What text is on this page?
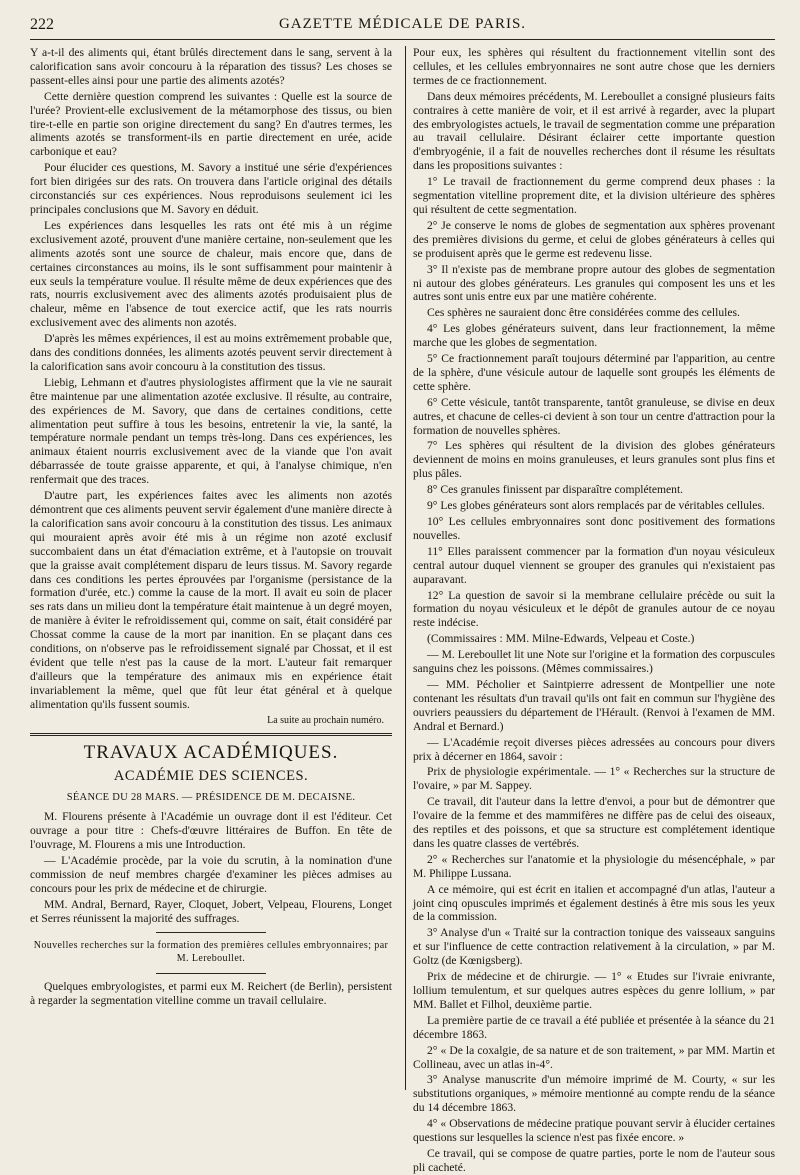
222	GAZETTE MÉDICALE DE PARIS.

Y a-t-il des aliments qui, étant brûlés directement dans le sang, servent à la calorification sans avoir concouru à la réparation des tissus? Les choses se passent-elles ainsi pour une partie des aliments azotés?

Cette dernière question comprend les suivantes : Quelle est la source de l'urée? Provient-elle exclusivement de la métamorphose des tissus, ou bien tire-t-elle en partie son origine directement du sang? En d'autres termes, les aliments azotés se transforment-ils en partie directement en urée, acide carbonique et eau?

Pour élucider ces questions, M. Savory a institué une série d'expériences fort bien dirigées sur des rats. On trouvera dans l'article original des détails circonstanciés sur ces expériences. Nous reproduisons seulement ici les principales conclusions que M. Savory en déduit.

Les expériences dans lesquelles les rats ont été mis à un régime exclusivement azoté, prouvent d'une manière certaine, non-seulement que les aliments azotés sont une source de chaleur, mais encore que, dans de certaines circonstances au moins, ils le sont suffisamment pour maintenir à eux seuls la température voulue. Il résulte même de deux expériences que des rats, nourris exclusivement avec des aliments azotés produisaient plus de chaleur, même en l'absence de tout exercice actif, que les rats nourris exclusivement avec des aliments non azotés.

D'après les mêmes expériences, il est au moins extrêmement probable que, dans des conditions données, les aliments azotés peuvent servir directement à la calorification sans avoir concouru à la constitution des tissus.

Liebig, Lehmann et d'autres physiologistes affirment que la vie ne saurait être maintenue par une alimentation azotée exclusive. Il résulte, au contraire, des expériences de M. Savory, que dans de certaines conditions, cette alimentation peut suffire à tous les besoins, entretenir la vie, la santé, la température normale pendant un temps très-long. Dans ces expériences, les animaux étaient nourris exclusivement avec de la viande que l'on avait débarrassée de toute graisse apparente, et qui, à l'analyse chimique, n'en renfermait que des traces.

D'autre part, les expériences faites avec les aliments non azotés démontrent que ces aliments peuvent servir également d'une manière directe à la calorification sans avoir concouru à la constitution des tissus. Les animaux qui mouraient après avoir été mis à un régime non azoté exclusif succombaient dans un état d'émaciation extrême, et à l'autopsie on trouvait que la graisse avait complétement disparu de leurs tissus. M. Savory regarde dans ces conditions les pertes éprouvées par l'organisme (persistance de la formation d'urée, etc.) comme la cause de la mort. Il avait eu soin de placer ses rats dans un milieu dont la température était maintenue à un degré moyen, de manière à éviter le refroidissement qui, comme on sait, était considéré par Chossat comme la cause de la mort par inanition. En se plaçant dans ces conditions, on n'observe pas le refroidissement signalé par Chossat, et il est évident que telle n'est pas la cause de la mort. L'auteur fait remarquer d'ailleurs que la température des animaux mis en expérience était invariablement la même, quel que fût leur état général et à quelque alimentation qu'ils fussent soumis.

La suite au prochain numéro.
TRAVAUX ACADÉMIQUES.
ACADÉMIE DES SCIENCES.
SÉANCE DU 28 MARS. — PRÉSIDENCE DE M. DECAISNE.

M. Flourens présente à l'Académie un ouvrage dont il est l'éditeur. Cet ouvrage a pour titre : Chefs-d'œuvre littéraires de Buffon. En tête de l'ouvrage, M. Flourens a mis une Introduction.

— L'Académie procède, par la voie du scrutin, à la nomination d'une commission de neuf membres chargée d'examiner les pièces admises au concours pour les prix de médecine et de chirurgie.

MM. Andral, Bernard, Rayer, Cloquet, Jobert, Velpeau, Flourens, Longet et Serres réunissent la majorité des suffrages.

Nouvelles recherches sur la formation des premières cellules embryonnaires; par M. Lereboullet.

Quelques embryologistes, et parmi eux M. Reichert (de Berlin), persistent à regarder la segmentation vitelline comme un travail cellulaire.

Pour eux, les sphères qui résultent du fractionnement vitellin sont des cellules, et les cellules embryonnaires ne sont autre chose que les derniers termes de ce fractionnement.

Dans deux mémoires précédents, M. Lereboullet a consigné plusieurs faits contraires à cette manière de voir, et il est arrivé à regarder, avec la plupart des embryologistes actuels, le travail de segmentation comme une préparation au travail cellulaire. Désirant éclairer cette importante question d'embryogénie, il a fait de nouvelles recherches dont il résume les résultats dans les propositions suivantes :

1° Le travail de fractionnement du germe comprend deux phases : la segmentation vitelline proprement dite, et la division ultérieure des sphères qui résultent de cette segmentation.

2° Je conserve le noms de globes de segmentation aux sphères provenant des premières divisions du germe, et celui de globes générateurs à celles qui se produisent après que le germe est redevenu lisse.

3° Il n'existe pas de membrane propre autour des globes de segmentation ni autour des globes générateurs. Les granules qui composent les uns et les autres sont unis entre eux par une matière cohérente.

Ces sphères ne sauraient donc être considérées comme des cellules.

4° Les globes générateurs suivent, dans leur fractionnement, la même marche que les globes de segmentation.

5° Ce fractionnement paraît toujours déterminé par l'apparition, au centre de la sphère, d'une vésicule autour de laquelle sont groupés les éléments de cette sphère.

6° Cette vésicule, tantôt transparente, tantôt granuleuse, se divise en deux autres, et chacune de celles-ci devient à son tour un centre d'attraction pour la formation de nouvelles sphères.

7° Les sphères qui résultent de la division des globes générateurs deviennent de moins en moins granuleuses, et leurs granules sont plus fins et plus pâles.

8° Ces granules finissent par disparaître complétement.

9° Les globes générateurs sont alors remplacés par de véritables cellules.

10° Les cellules embryonnaires sont donc positivement des formations nouvelles.

11° Elles paraissent commencer par la formation d'un noyau vésiculeux central autour duquel viennent se grouper des granules qui n'existaient pas auparavant.

12° La question de savoir si la membrane cellulaire précède ou suit la formation du noyau vésiculeux et le dépôt de granules autour de ce noyau reste indécise.

(Commissaires : MM. Milne-Edwards, Velpeau et Coste.)

— M. Lereboullet lit une Note sur l'origine et la formation des corpuscules sanguins chez les poissons. (Mêmes commissaires.)

— MM. Pécholier et Saintpierre adressent de Montpellier une note contenant les résultats d'un travail qu'ils ont fait en commun sur l'hygiène des ouvriers peaussiers du département de l'Hérault. (Renvoi à l'examen de MM. Andral et Bernard.)

— L'Académie reçoit diverses pièces adressées au concours pour divers prix à décerner en 1864, savoir :

Prix de physiologie expérimentale. — 1° « Recherches sur la structure de l'ovaire, » par M. Sappey.

Ce travail, dit l'auteur dans la lettre d'envoi, a pour but de démontrer que l'ovaire de la femme et des mammifères ne diffère pas de celui des oiseaux, des reptiles et des poissons, et que sa structure est complétement identique dans les quatre classes de vertébrés.

2° « Recherches sur l'anatomie et la physiologie du mésencéphale, » par M. Philippe Lussana.

A ce mémoire, qui est écrit en italien et accompagné d'un atlas, l'auteur a joint cinq opuscules imprimés et également destinés à être mis sous les yeux de la commission.

3° Analyse d'un « Traité sur la contraction tonique des vaisseaux sanguins et sur l'influence de cette contraction relativement à la circulation, » par M. Goltz (de Kœnigsberg).

Prix de médecine et de chirurgie. — 1° « Etudes sur l'ivraie enivrante, lollium temulentum, et sur quelques autres espèces du genre lollium, » par MM. Ballet et Filhol, deuxième partie.

La première partie de ce travail a été publiée et présentée à la séance du 21 décembre 1863.

2° « De la coxalgie, de sa nature et de son traitement, » par MM. Martin et Collineau, avec un atlas in-4°.

3° Analyse manuscrite d'un mémoire imprimé de M. Courty, « sur les substitutions organiques, » mémoire mentionné au compte rendu de la séance du 14 décembre 1863.

4° « Observations de médecine pratique pouvant servir à élucider certaines questions sur lesquelles la science n'est pas fixée encore. »

Ce travail, qui se compose de quatre parties, porte le nom de l'auteur sous pli cacheté.
